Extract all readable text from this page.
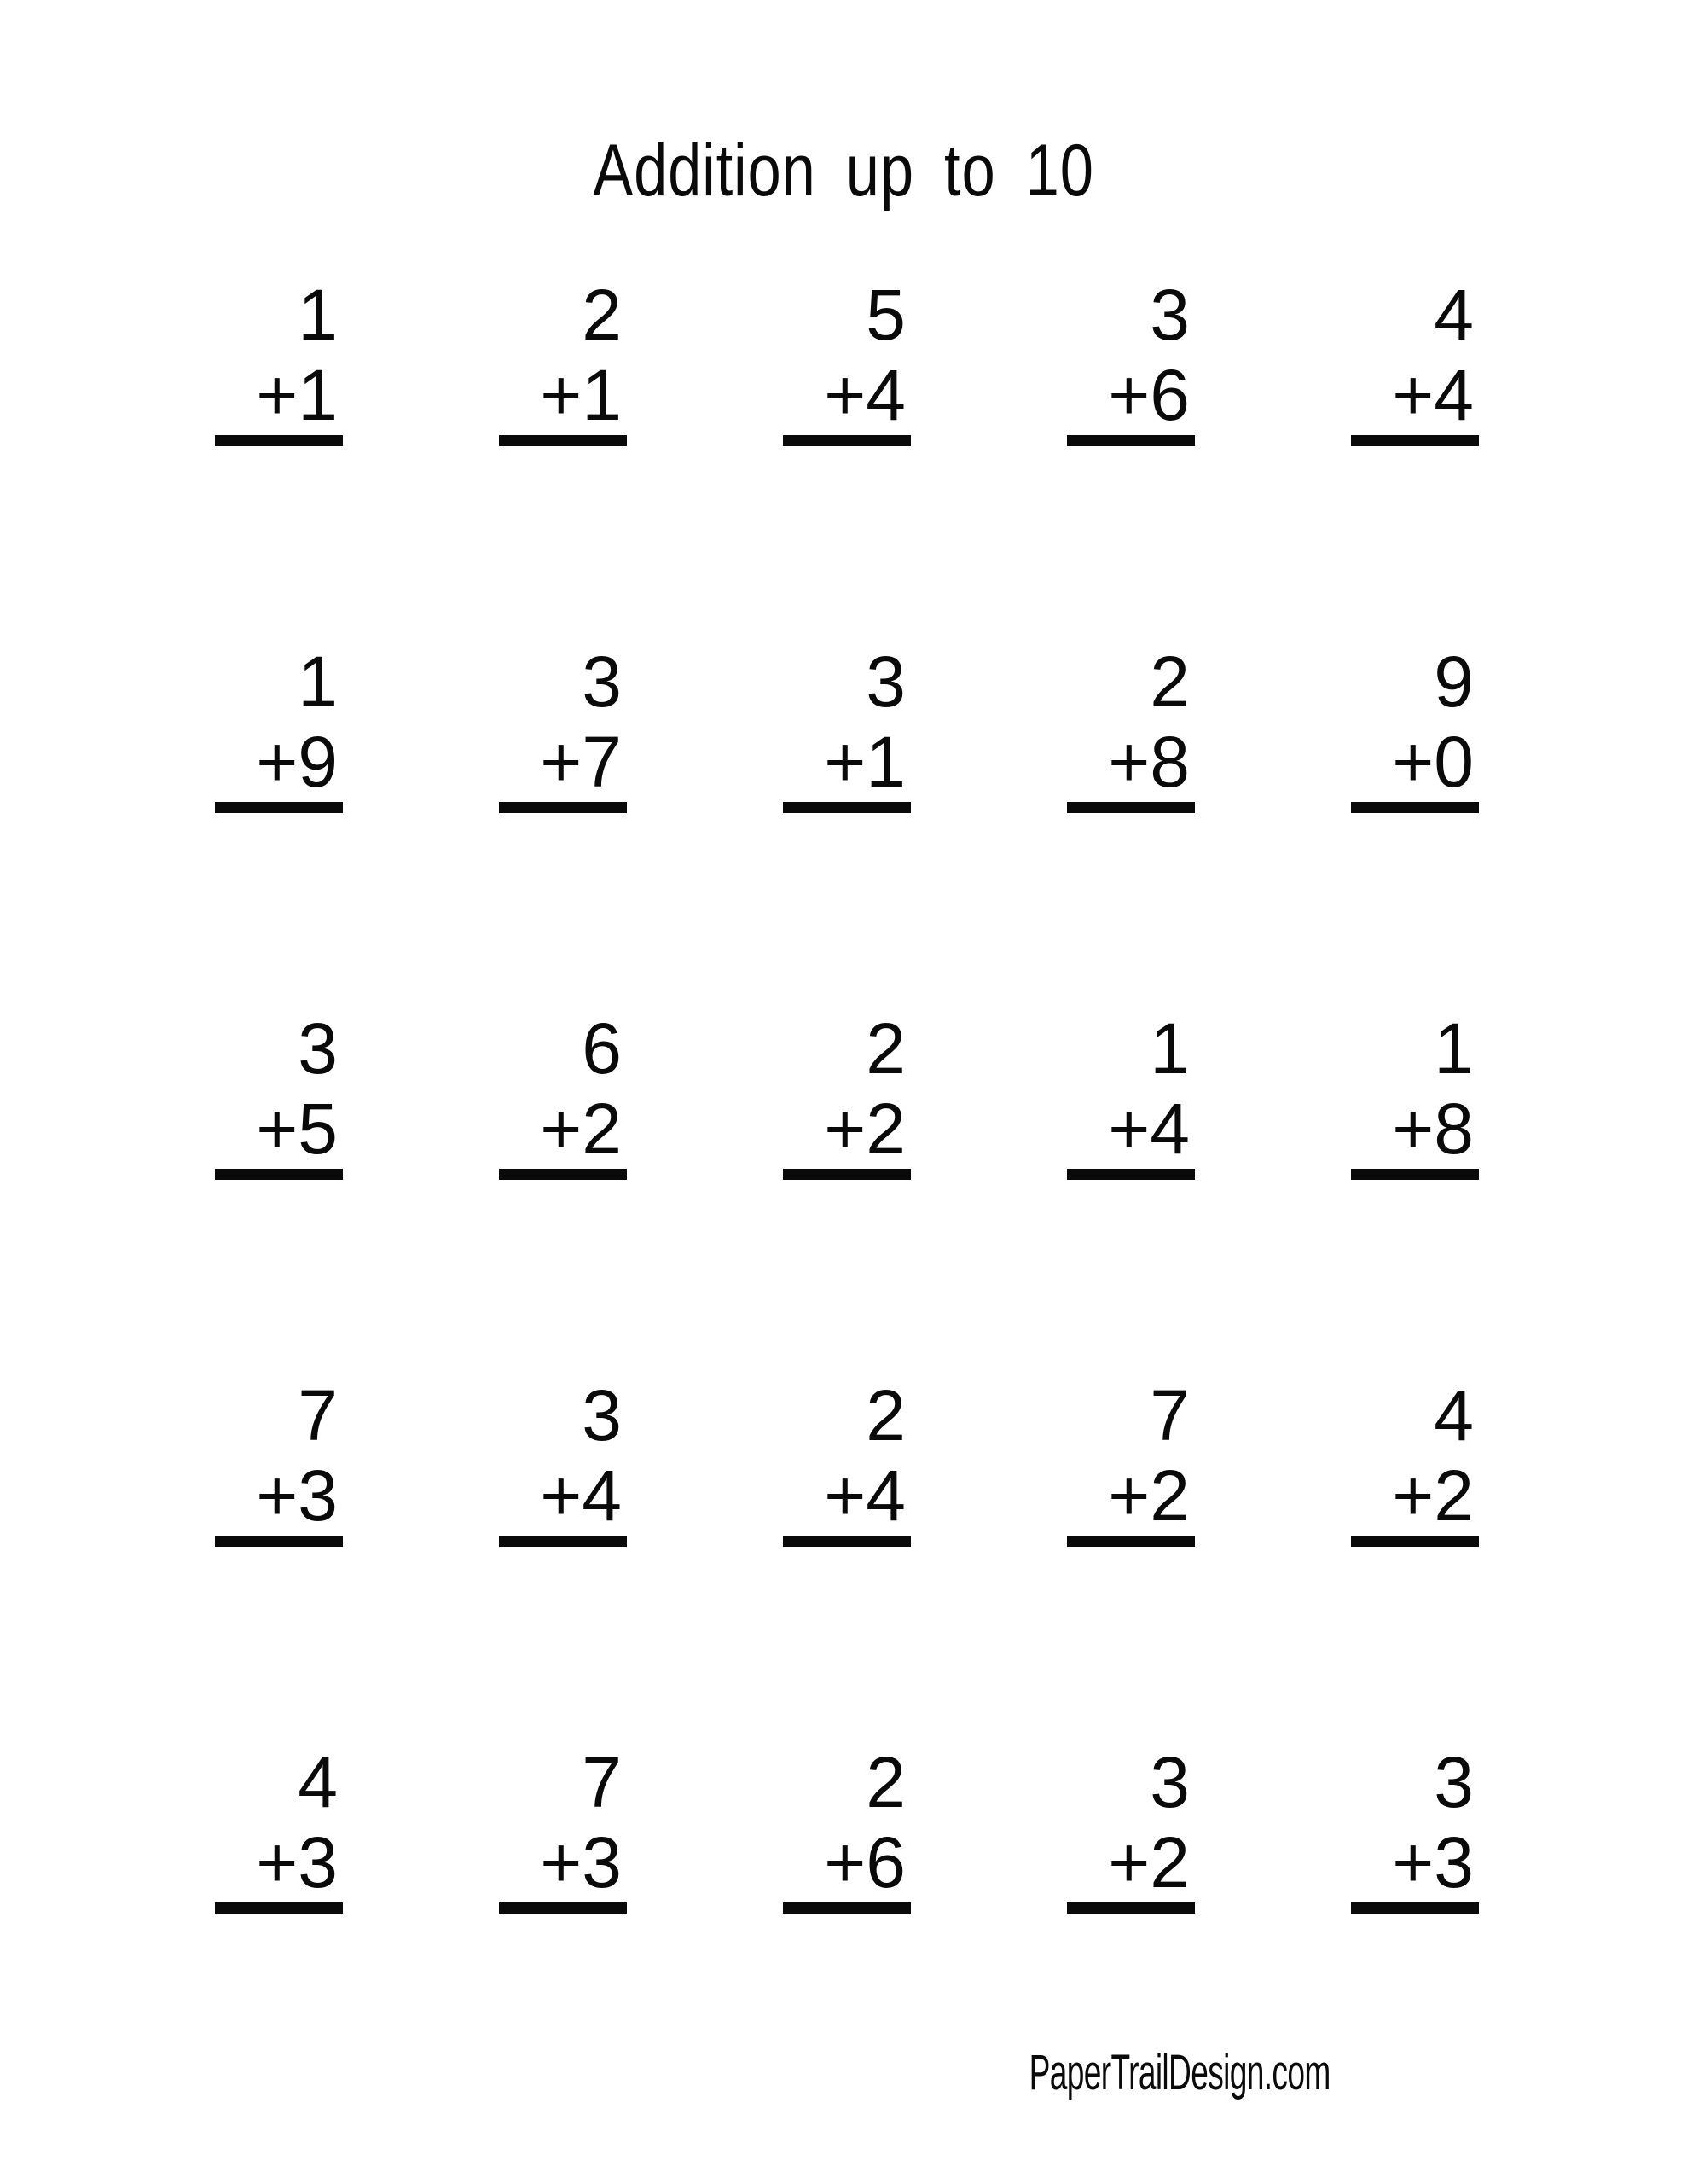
Addition up to 10
1
+1
2
+1
5
+4
3
+6
4
+4
1
+9
3
+7
3
+1
2
+8
9
+0
3
+5
6
+2
2
+2
1
+4
1
+8
7
+3
3
+4
2
+4
7
+2
4
+2
4
+3
7
+3
2
+6
3
+2
3
+3

PaperTrailDesign.com
